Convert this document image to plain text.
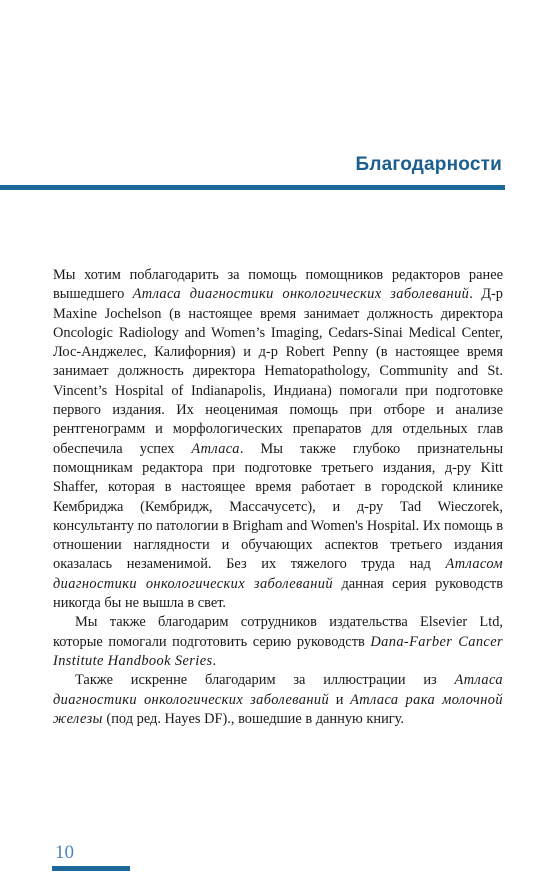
Благодарности

Мы хотим поблагодарить за помощь помощников редакторов ранее вышедшего Атласа диагностики онкологических заболеваний. Д-р Maxine Jochelson (в настоящее время занимает должность директора Oncologic Radiology and Women’s Imaging, Cedars-Sinai Medical Center, Лос-Анджелес, Калифорния) и д-р Robert Penny (в настоящее время занимает должность директора Hematopathology, Community and St. Vincent’s Hospital of Indianapolis, Индиана) помогали при подготовке первого издания. Их неоценимая помощь при отборе и анализе рентгенограмм и морфологических препаратов для отдельных глав обеспечила успех Атласа. Мы также глубоко признательны помощникам редактора при подготовке третьего издания, д-ру Kitt Shaffer, которая в настоящее время работает в городской клинике Кембриджа (Кембридж, Массачусетс), и д-ру Tad Wieczorek, консультанту по патологии в Brigham and Women's Hospital. Их помощь в отношении наглядности и обучающих аспектов третьего издания оказалась незаменимой. Без их тяжелого труда над Атласом диагностики онкологических заболеваний данная серия руководств никогда бы не вышла в свет.

Мы также благодарим сотрудников издательства Elsevier Ltd, которые помогали подготовить серию руководств Dana-Farber Cancer Institute Handbook Series.

Также искренне благодарим за иллюстрации из Атласа диагностики онкологических заболеваний и Атласа рака молочной железы (под ред. Hayes DF)., вошедшие в данную книгу.

10
